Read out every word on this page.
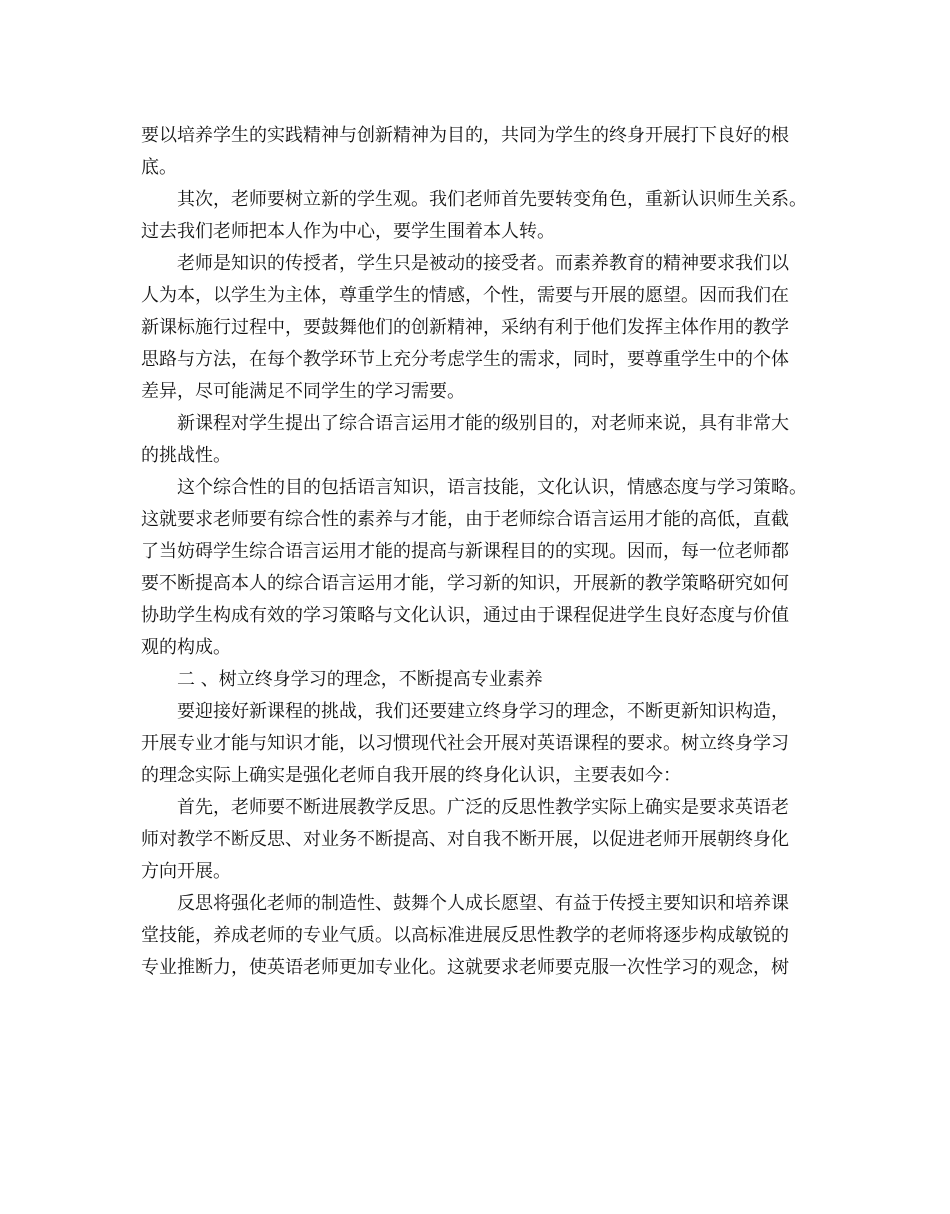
要以培养学生的实践精神与创新精神为目的，共同为学生的终身开展打下良好的根
底。
其次，老师要树立新的学生观。我们老师首先要转变角色，重新认识师生关系。
过去我们老师把本人作为中心，要学生围着本人转。
老师是知识的传授者，学生只是被动的接受者。而素养教育的精神要求我们以
人为本，以学生为主体，尊重学生的情感，个性，需要与开展的愿望。因而我们在
新课标施行过程中，要鼓舞他们的创新精神，采纳有利于他们发挥主体作用的教学
思路与方法，在每个教学环节上充分考虑学生的需求，同时，要尊重学生中的个体
差异，尽可能满足不同学生的学习需要。
新课程对学生提出了综合语言运用才能的级别目的，对老师来说，具有非常大
的挑战性。
这个综合性的目的包括语言知识，语言技能，文化认识，情感态度与学习策略。
这就要求老师要有综合性的素养与才能，由于老师综合语言运用才能的高低，直截
了当妨碍学生综合语言运用才能的提高与新课程目的的实现。因而，每一位老师都
要不断提高本人的综合语言运用才能，学习新的知识，开展新的教学策略研究如何
协助学生构成有效的学习策略与文化认识，通过由于课程促进学生良好态度与价值
观的构成。
二 、树立终身学习的理念，不断提高专业素养
要迎接好新课程的挑战，我们还要建立终身学习的理念，不断更新知识构造，
开展专业才能与知识才能，以习惯现代社会开展对英语课程的要求。树立终身学习
的理念实际上确实是强化老师自我开展的终身化认识，主要表如今：
首先，老师要不断进展教学反思。广泛的反思性教学实际上确实是要求英语老
师对教学不断反思、对业务不断提高、对自我不断开展，以促进老师开展朝终身化
方向开展。
反思将强化老师的制造性、鼓舞个人成长愿望、有益于传授主要知识和培养课
堂技能，养成老师的专业气质。以高标准进展反思性教学的老师将逐步构成敏锐的
专业推断力，使英语老师更加专业化。这就要求老师要克服一次性学习的观念，树
